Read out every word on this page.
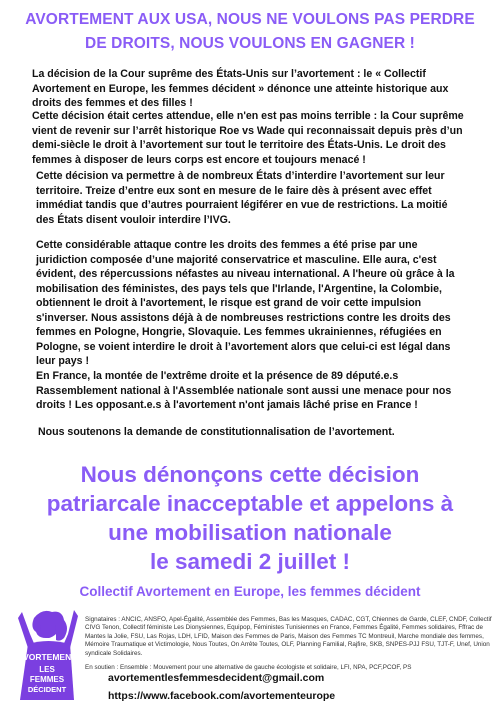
AVORTEMENT AUX USA, NOUS NE VOULONS PAS PERDRE
DE DROITS, NOUS VOULONS EN GAGNER !

La décision de la Cour suprême des États-Unis sur l’avortement : le « Collectif Avortement en Europe, les femmes décident » dénonce une atteinte historique aux droits des femmes et des filles !

Cette décision était certes attendue, elle n'en est pas moins terrible : la Cour suprême vient de revenir sur l’arrêt historique Roe vs Wade qui reconnaissait depuis près d’un demi-siècle le droit à l’avortement sur tout le territoire des États-Unis. Le droit des femmes à disposer de leurs corps est encore et toujours menacé !

Cette décision va permettre à de nombreux États d’interdire l’avortement sur leur territoire. Treize d’entre eux sont en mesure de le faire dès à présent avec effet immédiat tandis que d’autres pourraient légiférer en vue de restrictions. La moitié des États disent vouloir interdire l’IVG.

Cette considérable attaque contre les droits des femmes a été prise par une juridiction composée d’une majorité conservatrice et masculine. Elle aura, c'est évident, des répercussions néfastes au niveau international. A l'heure où grâce à la mobilisation des féministes, des pays tels que l'Irlande, l'Argentine, la Colombie, obtiennent le droit à l'avortement, le risque est grand de voir cette impulsion s'inverser. Nous assistons déjà à de nombreuses restrictions contre les droits des femmes en Pologne, Hongrie, Slovaquie. Les femmes ukrainiennes, réfugiées en Pologne, se voient interdire le droit à l’avortement alors que celui-ci est légal dans leur pays !

En France, la montée de l'extrême droite et la présence de 89 député.e.s Rassemblement national à l'Assemblée nationale sont aussi une menace pour nos droits ! Les opposant.e.s à l'avortement n'ont jamais lâché prise en France !

Nous soutenons la demande de constitutionnalisation de l’avortement.

Nous dénonçons cette décision
patriarcale inacceptable et appelons à
une mobilisation nationale
le samedi 2 juillet !
Collectif Avortement en Europe, les femmes décident
AVORTEMENT
LES
FEMMES
DÉCIDENT

Signataires : ANCIC, ANSFO, Apel-Égalité, Assemblée des Femmes, Bas les Masques, CADAC, CGT, Chiennes de Garde, CLEF, CNDF, Collectif CIVG Tenon, Collectif féministe Les Dionysiennes, Equipop, Féministes Tunisiennes en France, Femmes Égalité, Femmes solidaires, Fffrac de Mantes la Jolie, FSU, Las Rojas, LDH, LFID, Maison des Femmes de Paris, Maison des Femmes TC Montreuil, Marche mondiale des femmes, Mémoire Traumatique et Victimologie, Nous Toutes, On Arrête Toutes, OLF, Planning Familial, Rajfire, SKB, SNPES-PJJ FSU, TJT-F, Unef, Union syndicale Solidaires.

En soutien : Ensemble : Mouvement pour une alternative de gauche écologiste et solidaire, LFI, NPA, PCF,PCOF, PS

avortementlesfemmesdecident@gmail.com
https://www.facebook.com/avortementeurope
